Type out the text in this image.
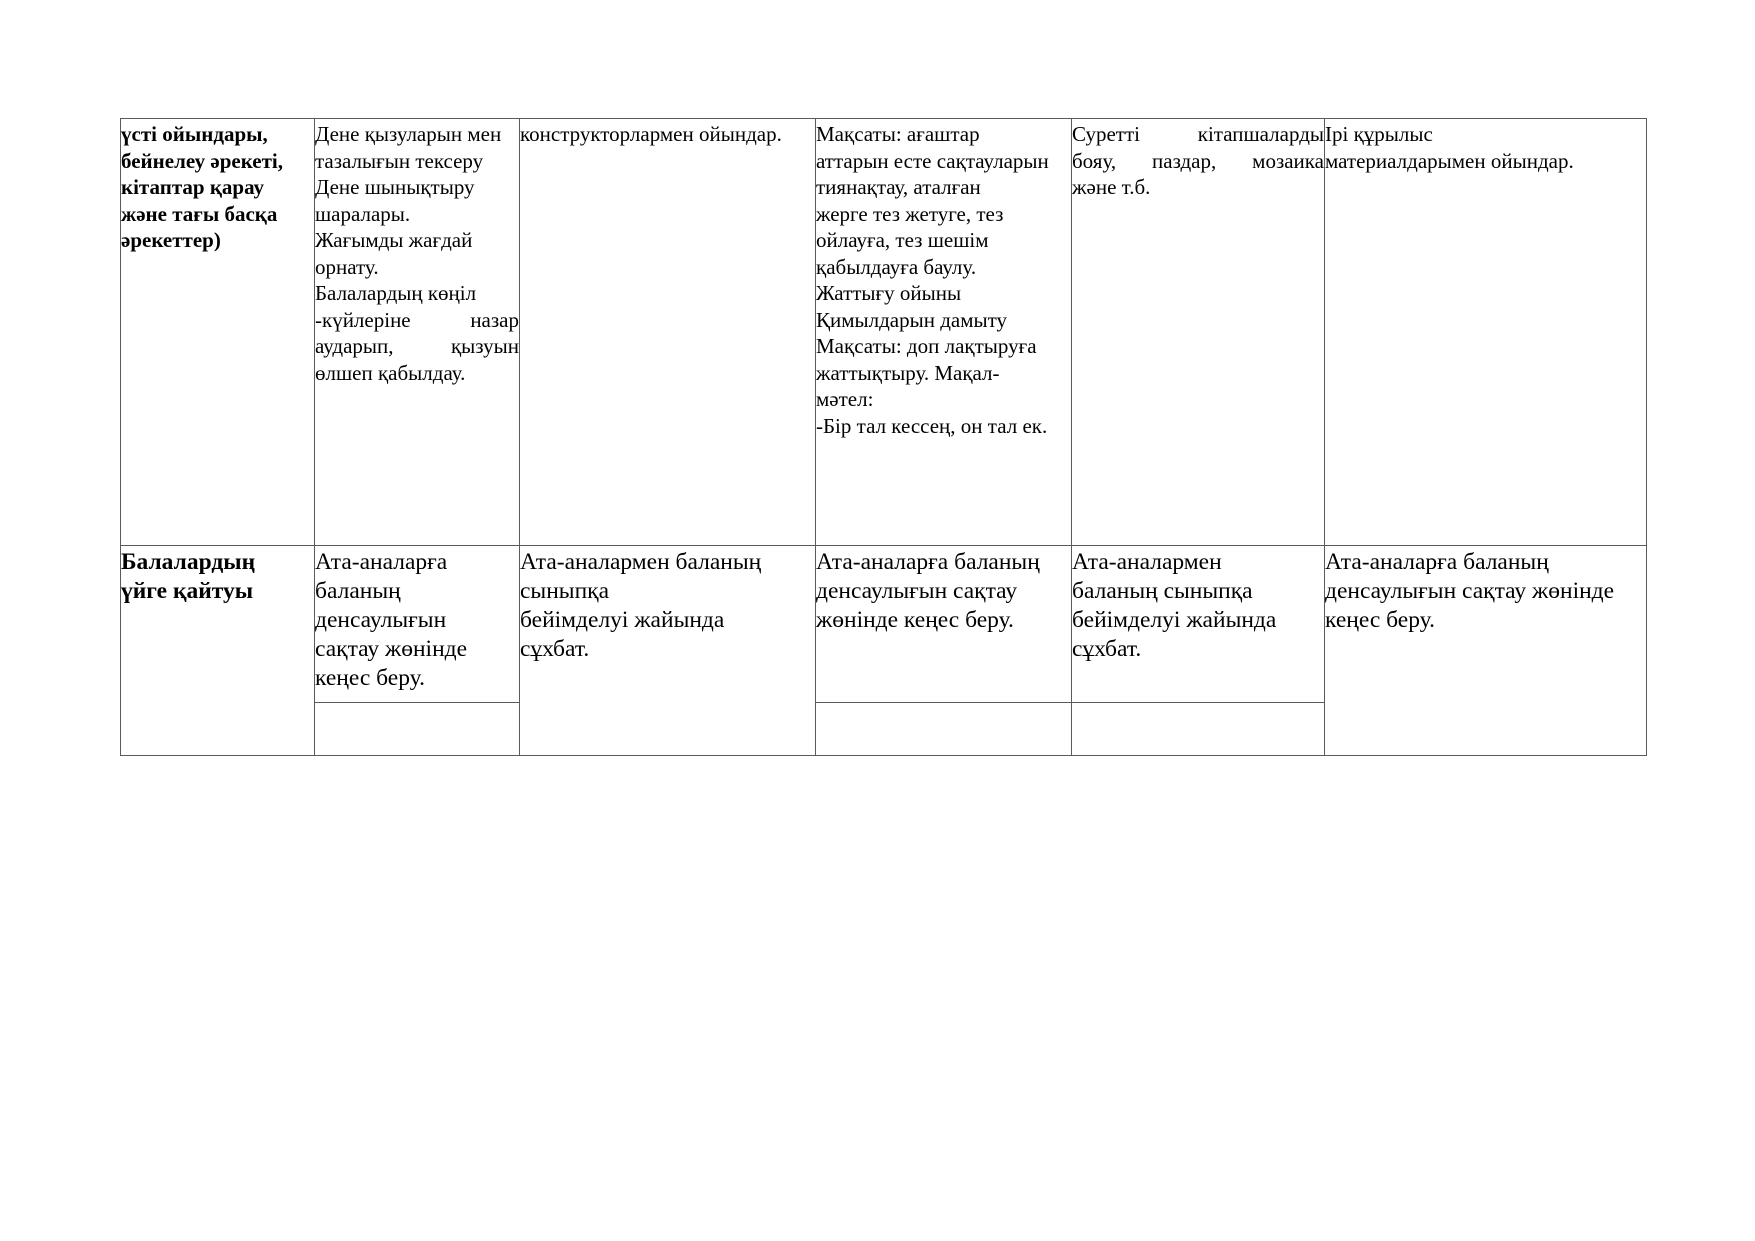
үсті ойындары,
бейнелеу әрекеті,
кітаптар қарау
және тағы басқа
әрекеттер)
Дене қызуларын мен
тазалығын тексеру
Дене шынықтыру
шаралары.
Жағымды жағдай
орнату.
Балалардың көңіл
-күйлеріне назар
аударып, қызуын
өлшеп қабылдау.
конструкторлармен ойындар.	Мақсаты: ағаштар
аттарын есте сақтауларын
тиянақтау, аталған
жерге тез жетуге, тез
ойлауға, тез шешім
қабылдауға баулу.
Жаттығу ойыны
Қимылдарын дамыту
Мақсаты: доп лақтыруға
жаттықтыру. Мақал-
мәтел:
-Бір тал кессең, он тал ек.
Суретті кітапшаларды
бояу, паздар, мозаика
және т.б.
Ірі құрылыс
материалдарымен ойындар.
Балалардың
үйге қайтуы
Ата-аналарға
баланың
денсаулығын
сақтау жөнінде
кеңес беру.
Ата-аналармен баланың
сыныпқа
бейімделуі жайында
сұхбат.
Ата-аналарға баланың
денсаулығын сақтау
жөнінде кеңес беру.
Ата-аналармен
баланың сыныпқа
бейімделуі жайында
сұхбат.
Ата-аналарға баланың
денсаулығын сақтау жөнінде
кеңес беру.
